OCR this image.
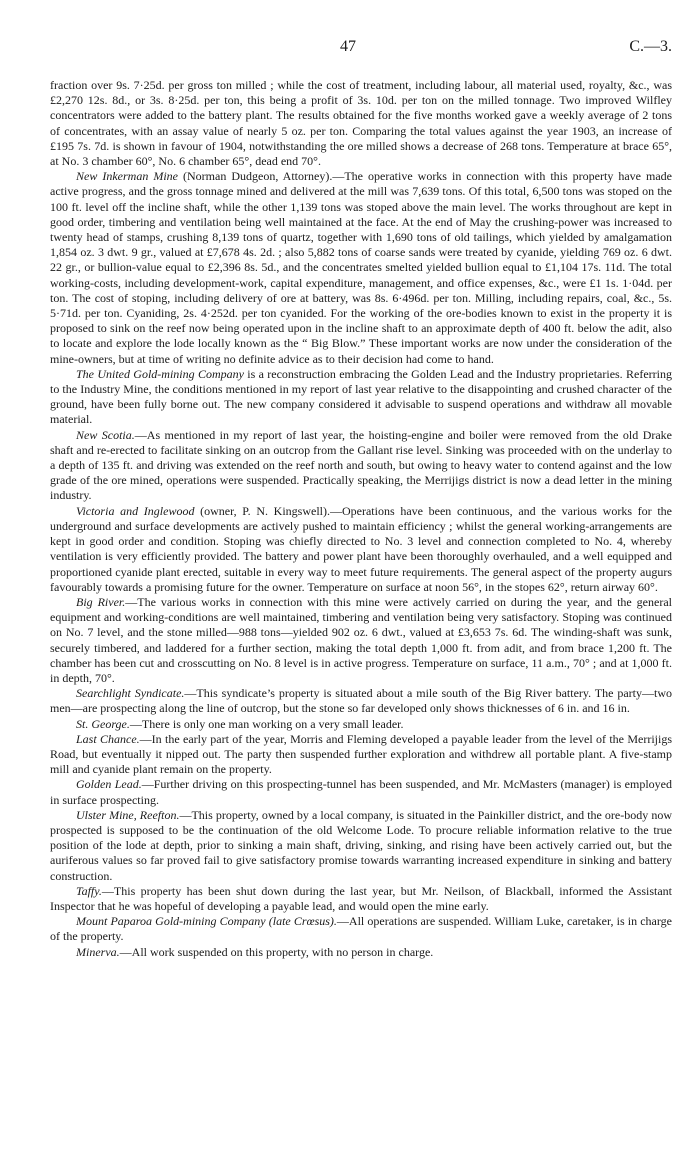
47	C.—3.

fraction over 9s. 7·25d. per gross ton milled ; while the cost of treatment, including labour, all material used, royalty, &c., was £2,270 12s. 8d., or 3s. 8·25d. per ton, this being a profit of 3s. 10d. per ton on the milled tonnage. Two improved Wilfley concentrators were added to the battery plant. The results obtained for the five months worked gave a weekly average of 2 tons of concentrates, with an assay value of nearly 5 oz. per ton. Comparing the total values against the year 1903, an increase of £195 7s. 7d. is shown in favour of 1904, notwithstanding the ore milled shows a decrease of 268 tons. Temperature at brace 65°, at No. 3 chamber 60°, No. 6 chamber 65°, dead end 70°.

New Inkerman Mine (Norman Dudgeon, Attorney).—The operative works in connection with this property have made active progress, and the gross tonnage mined and delivered at the mill was 7,639 tons. Of this total, 6,500 tons was stoped on the 100 ft. level off the incline shaft, while the other 1,139 tons was stoped above the main level. The works throughout are kept in good order, timbering and ventilation being well maintained at the face. At the end of May the crushing-power was increased to twenty head of stamps, crushing 8,139 tons of quartz, together with 1,690 tons of old tailings, which yielded by amalgamation 1,854 oz. 3 dwt. 9 gr., valued at £7,678 4s. 2d. ; also 5,882 tons of coarse sands were treated by cyanide, yielding 769 oz. 6 dwt. 22 gr., or bullion-value equal to £2,396 8s. 5d., and the concentrates smelted yielded bullion equal to £1,104 17s. 11d. The total working-costs, including development-work, capital expenditure, management, and office expenses, &c., were £1 1s. 1·04d. per ton. The cost of stoping, including delivery of ore at battery, was 8s. 6·496d. per ton. Milling, including repairs, coal, &c., 5s. 5·71d. per ton. Cyaniding, 2s. 4·252d. per ton cyanided. For the working of the ore-bodies known to exist in the property it is proposed to sink on the reef now being operated upon in the incline shaft to an approximate depth of 400 ft. below the adit, also to locate and explore the lode locally known as the “ Big Blow.” These important works are now under the consideration of the mine-owners, but at time of writing no definite advice as to their decision had come to hand.

The United Gold-mining Company is a reconstruction embracing the Golden Lead and the Industry proprietaries. Referring to the Industry Mine, the conditions mentioned in my report of last year relative to the disappointing and crushed character of the ground, have been fully borne out. The new company considered it advisable to suspend operations and withdraw all movable material.

New Scotia.—As mentioned in my report of last year, the hoisting-engine and boiler were removed from the old Drake shaft and re-erected to facilitate sinking on an outcrop from the Gallant rise level. Sinking was proceeded with on the underlay to a depth of 135 ft. and driving was extended on the reef north and south, but owing to heavy water to contend against and the low grade of the ore mined, operations were suspended. Practically speaking, the Merrijigs district is now a dead letter in the mining industry.

Victoria and Inglewood (owner, P. N. Kingswell).—Operations have been continuous, and the various works for the underground and surface developments are actively pushed to maintain efficiency ; whilst the general working-arrangements are kept in good order and condition. Stoping was chiefly directed to No. 3 level and connection completed to No. 4, whereby ventilation is very efficiently provided. The battery and power plant have been thoroughly overhauled, and a well equipped and proportioned cyanide plant erected, suitable in every way to meet future requirements. The general aspect of the property augurs favourably towards a promising future for the owner. Temperature on surface at noon 56°, in the stopes 62°, return airway 60°.

Big River.—The various works in connection with this mine were actively carried on during the year, and the general equipment and working-conditions are well maintained, timbering and ventilation being very satisfactory. Stoping was continued on No. 7 level, and the stone milled—988 tons—yielded 902 oz. 6 dwt., valued at £3,653 7s. 6d. The winding-shaft was sunk, securely timbered, and laddered for a further section, making the total depth 1,000 ft. from adit, and from brace 1,200 ft. The chamber has been cut and crosscutting on No. 8 level is in active progress. Temperature on surface, 11 a.m., 70° ; and at 1,000 ft. in depth, 70°.

Searchlight Syndicate.—This syndicate’s property is situated about a mile south of the Big River battery. The party—two men—are prospecting along the line of outcrop, but the stone so far developed only shows thicknesses of 6 in. and 16 in.

St. George.—There is only one man working on a very small leader.

Last Chance.—In the early part of the year, Morris and Fleming developed a payable leader from the level of the Merrijigs Road, but eventually it nipped out. The party then suspended further exploration and withdrew all portable plant. A five-stamp mill and cyanide plant remain on the property.

Golden Lead.—Further driving on this prospecting-tunnel has been suspended, and Mr. McMasters (manager) is employed in surface prospecting.

Ulster Mine, Reefton.—This property, owned by a local company, is situated in the Painkiller district, and the ore-body now prospected is supposed to be the continuation of the old Welcome Lode. To procure reliable information relative to the true position of the lode at depth, prior to sinking a main shaft, driving, sinking, and rising have been actively carried out, but the auriferous values so far proved fail to give satisfactory promise towards warranting increased expenditure in sinking and battery construction.

Taffy.—This property has been shut down during the last year, but Mr. Neilson, of Blackball, informed the Assistant Inspector that he was hopeful of developing a payable lead, and would open the mine early.

Mount Paparoa Gold-mining Company (late Crœsus).—All operations are suspended. William Luke, caretaker, is in charge of the property.

Minerva.—All work suspended on this property, with no person in charge.
